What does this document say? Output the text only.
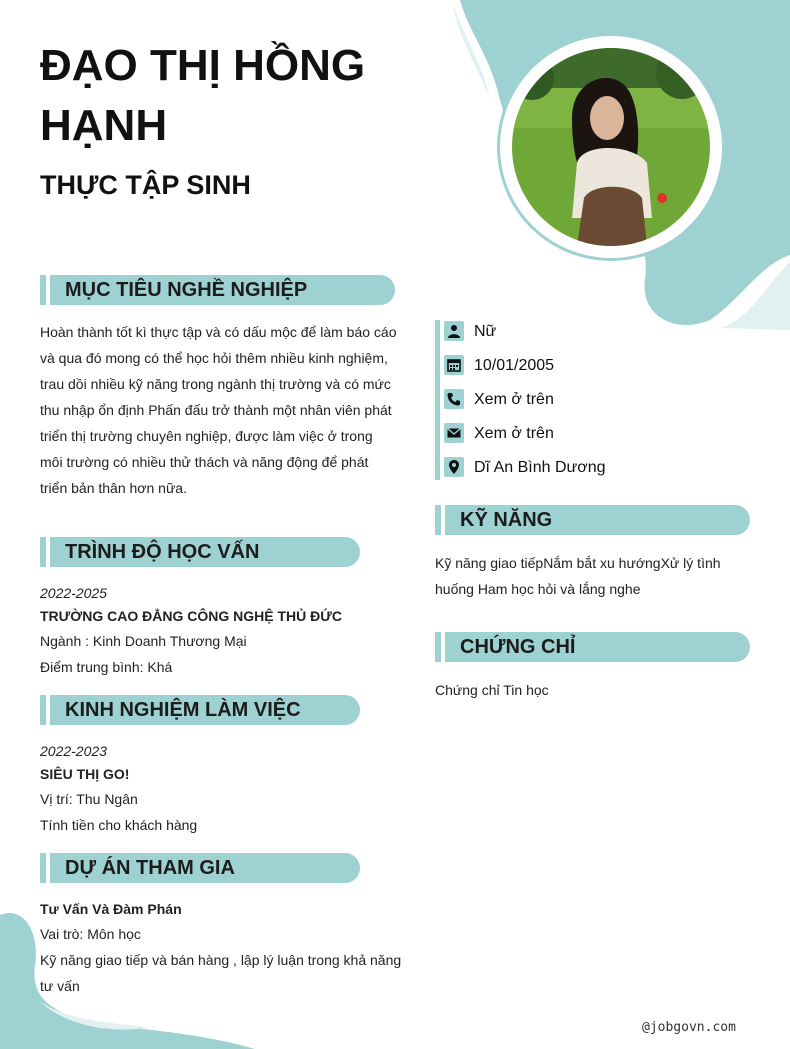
ĐẠO THỊ HỒNG HẠNH
THỰC TẬP SINH
Nữ
10/01/2005
Xem ở trên
Xem ở trên
Dĩ An Bình Dương
MỤC TIÊU NGHỀ NGHIỆP

Hoàn thành tốt kì thực tập và có dấu mộc để làm báo cáo và qua đó mong có thể học hỏi thêm nhiều kinh nghiệm, trau dồi nhiều kỹ năng trong ngành thị trường và có mức thu nhập ổn định Phấn đấu trở thành một nhân viên phát triển thị trường chuyên nghiệp, được làm việc ở trong môi trường có nhiều thử thách và năng động để phát triển bản thân hơn nữa.

TRÌNH ĐỘ HỌC VẤN
2022-2025
TRƯỜNG CAO ĐẲNG CÔNG NGHỆ THỦ ĐỨC
Ngành : Kinh Doanh Thương Mại
Điểm trung bình: Khá
KINH NGHIỆM LÀM VIỆC
2022-2023
SIÊU THỊ GO!
Vị trí: Thu Ngân
Tính tiền cho khách hàng
DỰ ÁN THAM GIA
Tư Vấn Và Đàm Phán
Vai trò: Môn học

Kỹ năng giao tiếp và bán hàng , lập lý luận trong khả năng tư vấn

KỸ NĂNG

Kỹ năng giao tiếpNắm bắt xu hướngXử lý tình huống Ham học hỏi và lắng nghe

CHỨNG CHỈ
Chứng chỉ Tin học
@jobgovn.com
